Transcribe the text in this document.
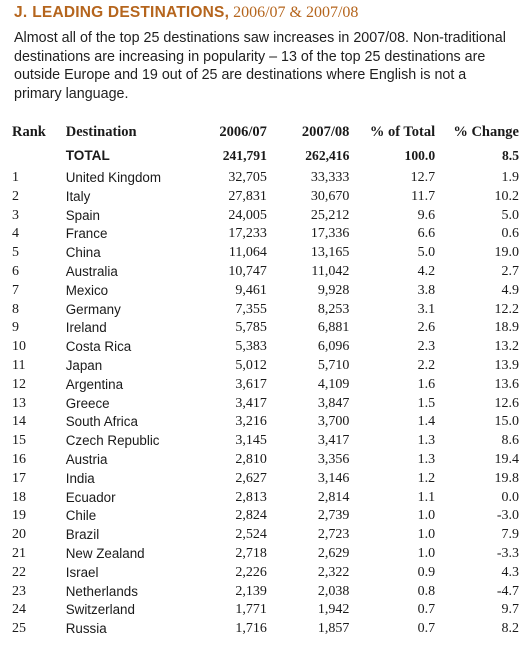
J. LEADING DESTINATIONS, 2006/07 & 2007/08
Almost all of the top 25 destinations saw increases in 2007/08. Non-traditional destinations are increasing in popularity – 13 of the top 25 destinations are outside Europe and 19 out of 25 are destinations where English is not a primary language.
Rank	Destination	2006/07	2007/08	% of Total	% Change
	TOTAL	241,791	262,416	100.0	8.5
1	United Kingdom	32,705	33,333	12.7	1.9
2	Italy	27,831	30,670	11.7	10.2
3	Spain	24,005	25,212	9.6	5.0
4	France	17,233	17,336	6.6	0.6
5	China	11,064	13,165	5.0	19.0
6	Australia	10,747	11,042	4.2	2.7
7	Mexico	9,461	9,928	3.8	4.9
8	Germany	7,355	8,253	3.1	12.2
9	Ireland	5,785	6,881	2.6	18.9
10	Costa Rica	5,383	6,096	2.3	13.2
11	Japan	5,012	5,710	2.2	13.9
12	Argentina	3,617	4,109	1.6	13.6
13	Greece	3,417	3,847	1.5	12.6
14	South Africa	3,216	3,700	1.4	15.0
15	Czech Republic	3,145	3,417	1.3	8.6
16	Austria	2,810	3,356	1.3	19.4
17	India	2,627	3,146	1.2	19.8
18	Ecuador	2,813	2,814	1.1	0.0
19	Chile	2,824	2,739	1.0	-3.0
20	Brazil	2,524	2,723	1.0	7.9
21	New Zealand	2,718	2,629	1.0	-3.3
22	Israel	2,226	2,322	0.9	4.3
23	Netherlands	2,139	2,038	0.8	-4.7
24	Switzerland	1,771	1,942	0.7	9.7
25	Russia	1,716	1,857	0.7	8.2
